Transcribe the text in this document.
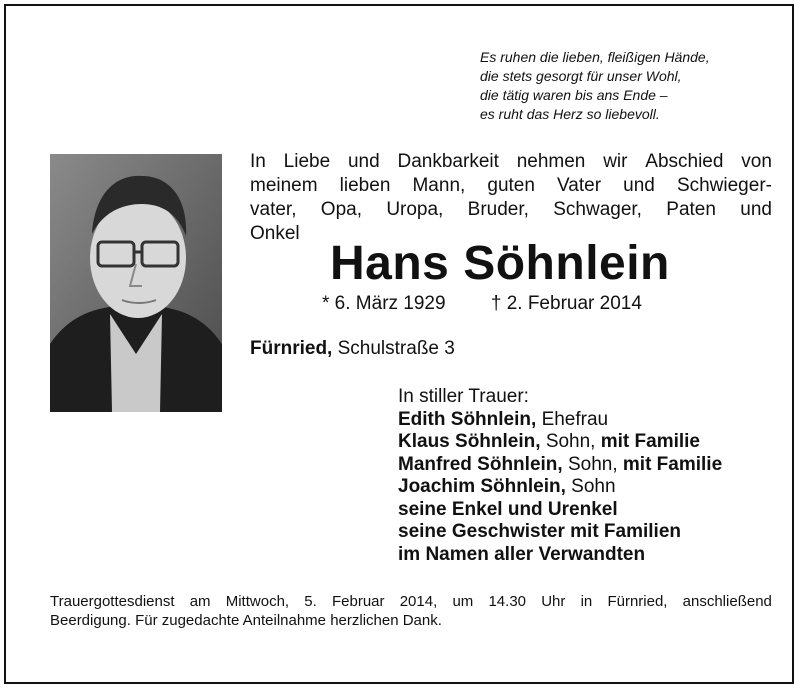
Es ruhen die lieben, fleißigen Hände,
die stets gesorgt für unser Wohl,
die tätig waren bis ans Ende –
es ruht das Herz so liebevoll.
In Liebe und Dankbarkeit nehmen wir Abschied von
meinem lieben Mann, guten Vater und Schwieger-
vater, Opa, Uropa, Bruder, Schwager, Paten und
Onkel
Hans Söhnlein
* 6. März 1929 † 2. Februar 2014
Fürnried, Schulstraße 3
In stiller Trauer:
Edith Söhnlein, Ehefrau
Klaus Söhnlein, Sohn, mit Familie
Manfred Söhnlein, Sohn, mit Familie
Joachim Söhnlein, Sohn
seine Enkel und Urenkel
seine Geschwister mit Familien
im Namen aller Verwandten
Trauergottesdienst am Mittwoch, 5. Februar 2014, um 14.30 Uhr in Fürnried, anschließend
Beerdigung. Für zugedachte Anteilnahme herzlichen Dank.
